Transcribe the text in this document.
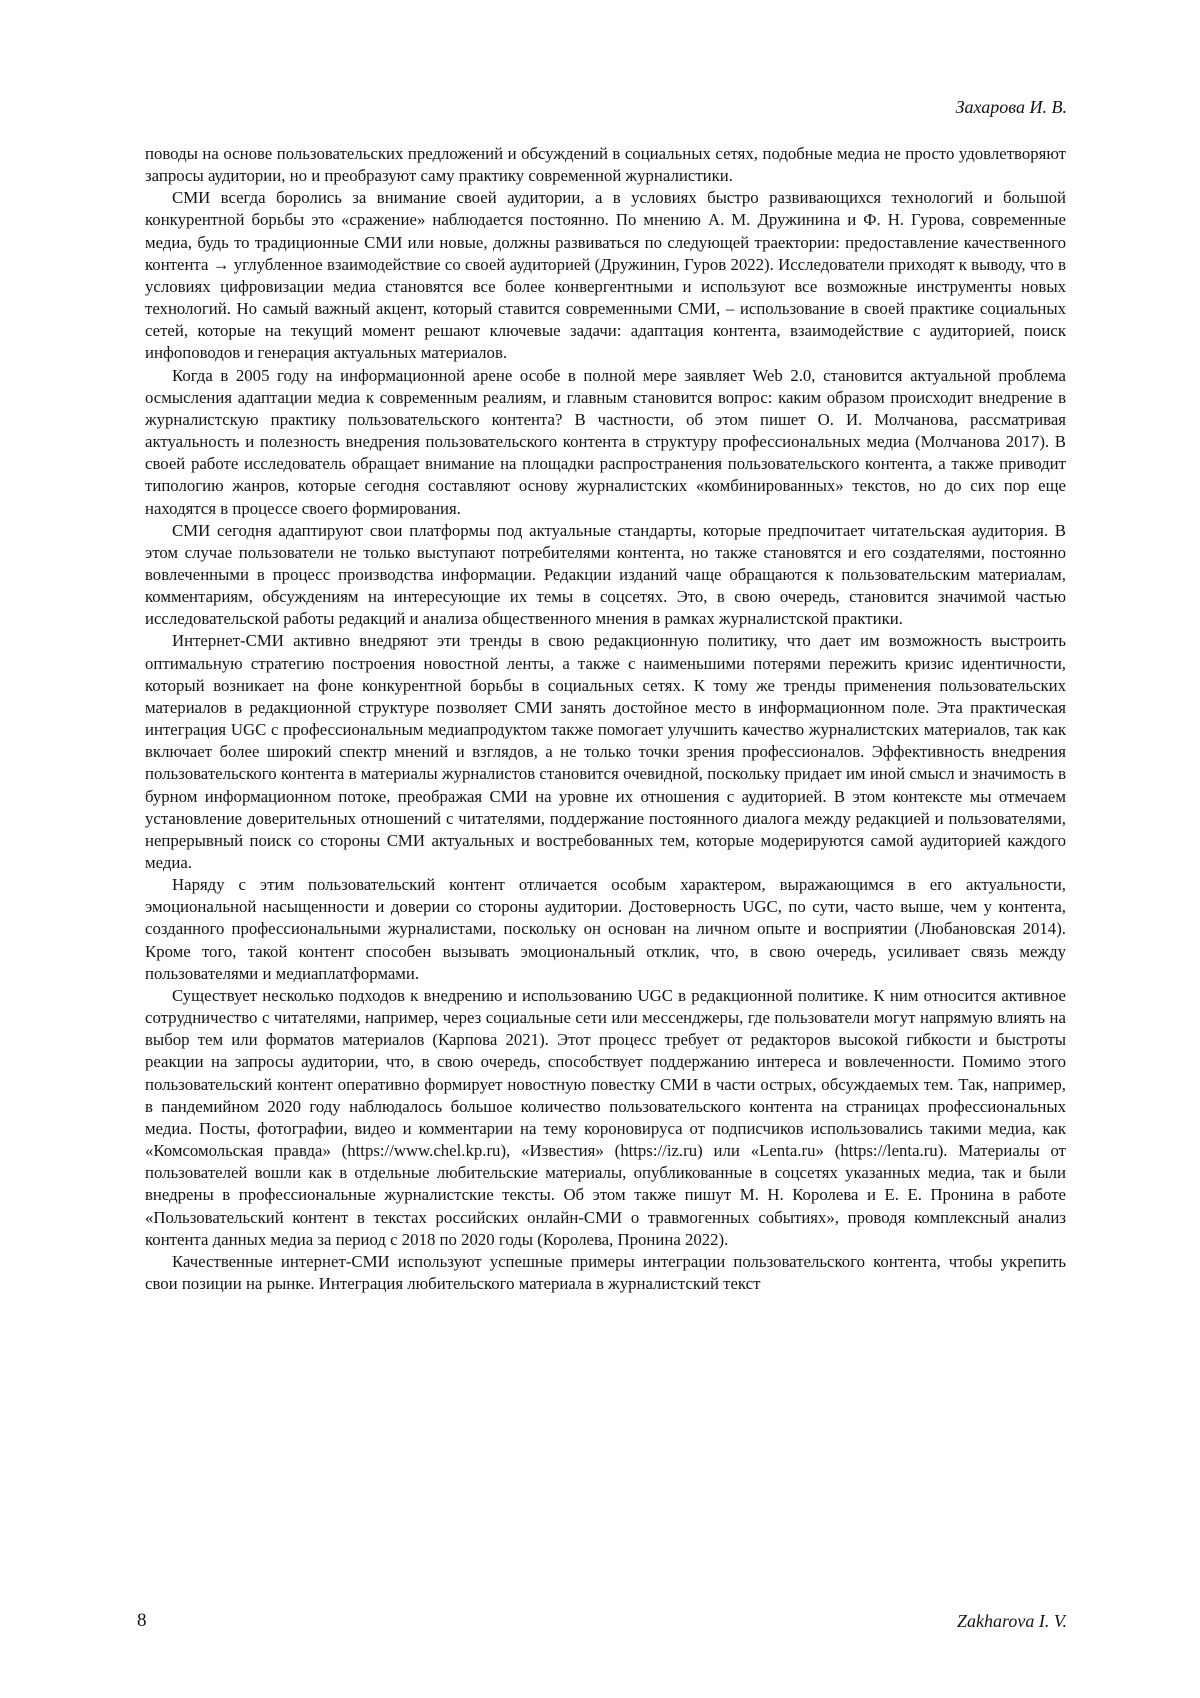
Захарова И. В.

поводы на основе пользовательских предложений и обсуждений в социальных сетях, подобные медиа не просто удовлетворяют запросы аудитории, но и преобразуют саму практику современной журналистики.

СМИ всегда боролись за внимание своей аудитории, а в условиях быстро развивающихся технологий и большой конкурентной борьбы это «сражение» наблюдается постоянно. По мнению А. М. Дружинина и Ф. Н. Гурова, современные медиа, будь то традиционные СМИ или новые, должны развиваться по следующей траектории: предоставление качественного контента → углубленное взаимодействие со своей аудиторией (Дружинин, Гуров 2022). Исследователи приходят к выводу, что в условиях цифровизации медиа становятся все более конвергентными и используют все возможные инструменты новых технологий. Но самый важный акцент, который ставится современными СМИ, – использование в своей практике социальных сетей, которые на текущий момент решают ключевые задачи: адаптация контента, взаимодействие с аудиторией, поиск инфоповодов и генерация актуальных материалов.

Когда в 2005 году на информационной арене особе в полной мере заявляет Web 2.0, становится актуальной проблема осмысления адаптации медиа к современным реалиям, и главным становится вопрос: каким образом происходит внедрение в журналистскую практику пользовательского контента? В частности, об этом пишет О. И. Молчанова, рассматривая актуальность и полезность внедрения пользовательского контента в структуру профессиональных медиа (Молчанова 2017). В своей работе исследователь обращает внимание на площадки распространения пользовательского контента, а также приводит типологию жанров, которые сегодня составляют основу журналистских «комбинированных» текстов, но до сих пор еще находятся в процессе своего формирования.

СМИ сегодня адаптируют свои платформы под актуальные стандарты, которые предпочитает читательская аудитория. В этом случае пользователи не только выступают потребителями контента, но также становятся и его создателями, постоянно вовлеченными в процесс производства информации. Редакции изданий чаще обращаются к пользовательским материалам, комментариям, обсуждениям на интересующие их темы в соцсетях. Это, в свою очередь, становится значимой частью исследовательской работы редакций и анализа общественного мнения в рамках журналистской практики.

Интернет-СМИ активно внедряют эти тренды в свою редакционную политику, что дает им возможность выстроить оптимальную стратегию построения новостной ленты, а также с наименьшими потерями пережить кризис идентичности, который возникает на фоне конкурентной борьбы в социальных сетях. К тому же тренды применения пользовательских материалов в редакционной структуре позволяет СМИ занять достойное место в информационном поле. Эта практическая интеграция UGC с профессиональным медиапродуктом также помогает улучшить качество журналистских материалов, так как включает более широкий спектр мнений и взглядов, а не только точки зрения профессионалов. Эффективность внедрения пользовательского контента в материалы журналистов становится очевидной, поскольку придает им иной смысл и значимость в бурном информационном потоке, преображая СМИ на уровне их отношения с аудиторией. В этом контексте мы отмечаем установление доверительных отношений с читателями, поддержание постоянного диалога между редакцией и пользователями, непрерывный поиск со стороны СМИ актуальных и востребованных тем, которые модерируются самой аудиторией каждого медиа.

Наряду с этим пользовательский контент отличается особым характером, выражающимся в его актуальности, эмоциональной насыщенности и доверии со стороны аудитории. Достоверность UGC, по сути, часто выше, чем у контента, созданного профессиональными журналистами, поскольку он основан на личном опыте и восприятии (Любановская 2014). Кроме того, такой контент способен вызывать эмоциональный отклик, что, в свою очередь, усиливает связь между пользователями и медиаплатформами.

Существует несколько подходов к внедрению и использованию UGC в редакционной политике. К ним относится активное сотрудничество с читателями, например, через социальные сети или мессенджеры, где пользователи могут напрямую влиять на выбор тем или форматов материалов (Карпова 2021). Этот процесс требует от редакторов высокой гибкости и быстроты реакции на запросы аудитории, что, в свою очередь, способствует поддержанию интереса и вовлеченности. Помимо этого пользовательский контент оперативно формирует новостную повестку СМИ в части острых, обсуждаемых тем. Так, например, в пандемийном 2020 году наблюдалось большое количество пользовательского контента на страницах профессиональных медиа. Посты, фотографии, видео и комментарии на тему короновируса от подписчиков использовались такими медиа, как «Комсомольская правда» (https://www.chel.kp.ru), «Известия» (https://iz.ru) или «Lenta.ru» (https://lenta.ru). Материалы от пользователей вошли как в отдельные любительские материалы, опубликованные в соцсетях указанных медиа, так и были внедрены в профессиональные журналистские тексты. Об этом также пишут М. Н. Королева и Е. Е. Пронина в работе «Пользовательский контент в текстах российских онлайн-СМИ о травмогенных событиях», проводя комплексный анализ контента данных медиа за период с 2018 по 2020 годы (Королева, Пронина 2022).

Качественные интернет-СМИ используют успешные примеры интеграции пользовательского контента, чтобы укрепить свои позиции на рынке. Интеграция любительского материала в журналистский текст

8	Zakharova I. V.
